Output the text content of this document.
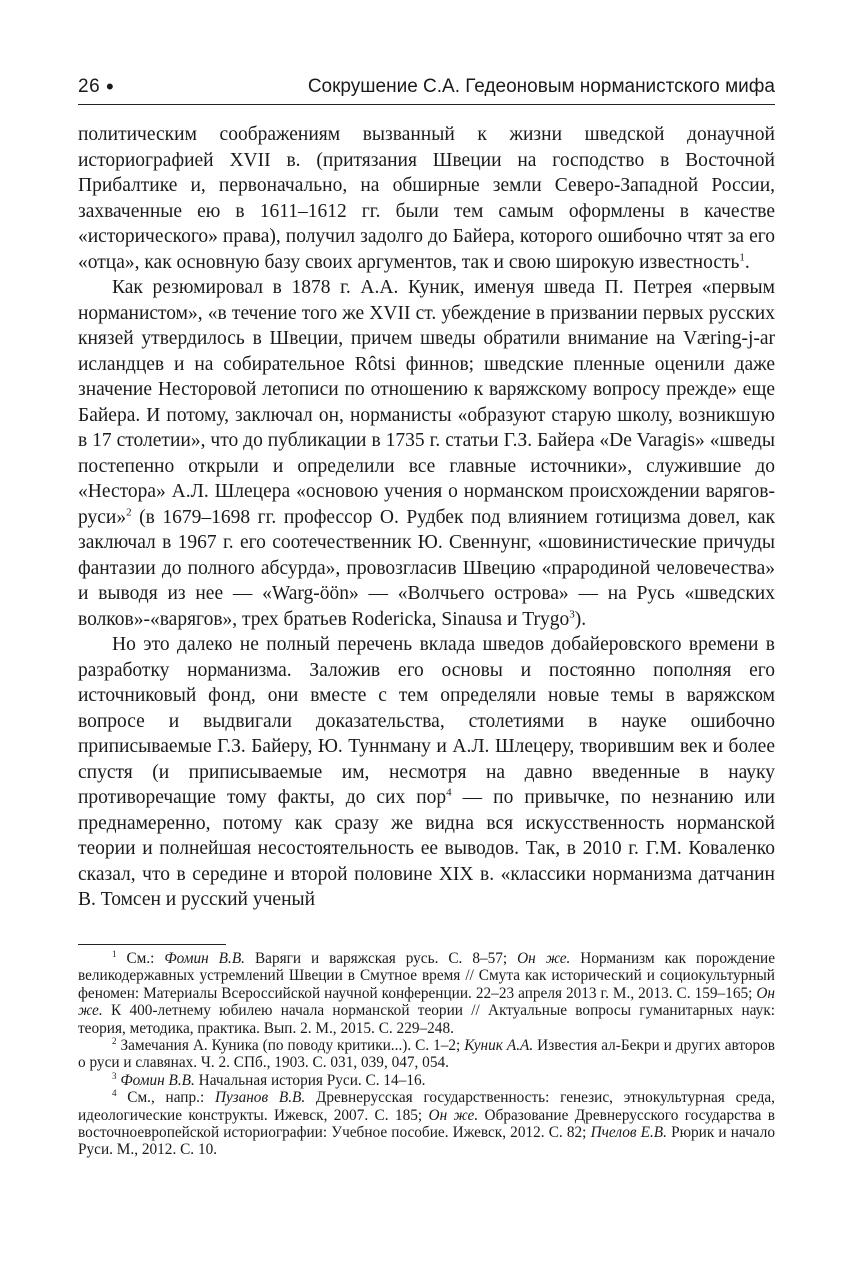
26 •	Сокрушение С.А. Гедеоновым норманистского мифа

политическим соображениям вызванный к жизни шведской донаучной историографией XVII в. (притязания Швеции на господство в Восточной Прибалтике и, первоначально, на обширные земли Северо-Западной России, захваченные ею в 1611–1612 гг. были тем самым оформлены в качестве «исторического» права), получил задолго до Байера, которого ошибочно чтят за его «отца», как основную базу своих аргументов, так и свою широкую известность$^1$.

Как резюмировал в 1878 г. А.А. Куник, именуя шведа П. Петрея «первым норманистом», «в течение того же XVII ст. убеждение в призвании первых русских князей утвердилось в Швеции, причем шведы обратили внимание на Væring-j-ar исландцев и на собирательное Rôtsi финнов; шведские пленные оценили даже значение Несторовой летописи по отношению к варяжскому вопросу прежде» еще Байера. И потому, заключал он, норманисты «образуют старую школу, возникшую в 17 столетии», что до публикации в 1735 г. статьи Г.З. Байера «De Varagis» «шведы постепенно открыли и определили все главные источники», служившие до «Нестора» А.Л. Шлецера «основою учения о норманском происхождении варягов-руси»$^2$ (в 1679–1698 гг. профессор О. Рудбек под влиянием готицизма довел, как заключал в 1967 г. его соотечественник Ю. Свеннунг, «шовинистические причуды фантазии до полного абсурда», провозгласив Швецию «прародиной человечества» и выводя из нее — «Warg-öön» — «Волчьего острова» — на Русь «шведских волков»-«варягов», трех братьев Rodericka, Sinausa и Trygo$^3$).

Но это далеко не полный перечень вклада шведов добайеровского времени в разработку норманизма. Заложив его основы и постоянно пополняя его источниковый фонд, они вместе с тем определяли новые темы в варяжском вопросе и выдвигали доказательства, столетиями в науке ошибочно приписываемые Г.З. Байеру, Ю. Туннману и А.Л. Шлецеру, творившим век и более спустя (и приписываемые им, несмотря на давно введенные в науку противоречащие тому факты, до сих пор$^4$ — по привычке, по незнанию или преднамеренно, потому как сразу же видна вся искусственность норманской теории и полнейшая несостоятельность ее выводов. Так, в 2010 г. Г.М. Коваленко сказал, что в середине и второй половине XIX в. «классики норманизма датчанин В. Томсен и русский ученый

$^1$ См.: Фомин В.В. Варяги и варяжская русь. С. 8–57; Он же. Норманизм как порождение великодержавных устремлений Швеции в Смутное время // Смута как исторический и социокультурный феномен: Материалы Всероссийской научной конференции. 22–23 апреля 2013 г. М., 2013. С. 159–165; Он же. К 400-летнему юбилею начала норманской теории // Актуальные вопросы гуманитарных наук: теория, методика, практика. Вып. 2. М., 2015. С. 229–248.

$^2$ Замечания А. Куника (по поводу критики...). С. 1–2; Куник А.А. Известия ал-Бекри и других авторов о руси и славянах. Ч. 2. СПб., 1903. С. 031, 039, 047, 054.

$^3$ Фомин В.В. Начальная история Руси. С. 14–16.

$^4$ См., напр.: Пузанов В.В. Древнерусская государственность: генезис, этнокультурная среда, идеологические конструкты. Ижевск, 2007. С. 185; Он же. Образование Древнерусского государства в восточноевропейской историографии: Учебное пособие. Ижевск, 2012. С. 82; Пчелов Е.В. Рюрик и начало Руси. М., 2012. С. 10.
